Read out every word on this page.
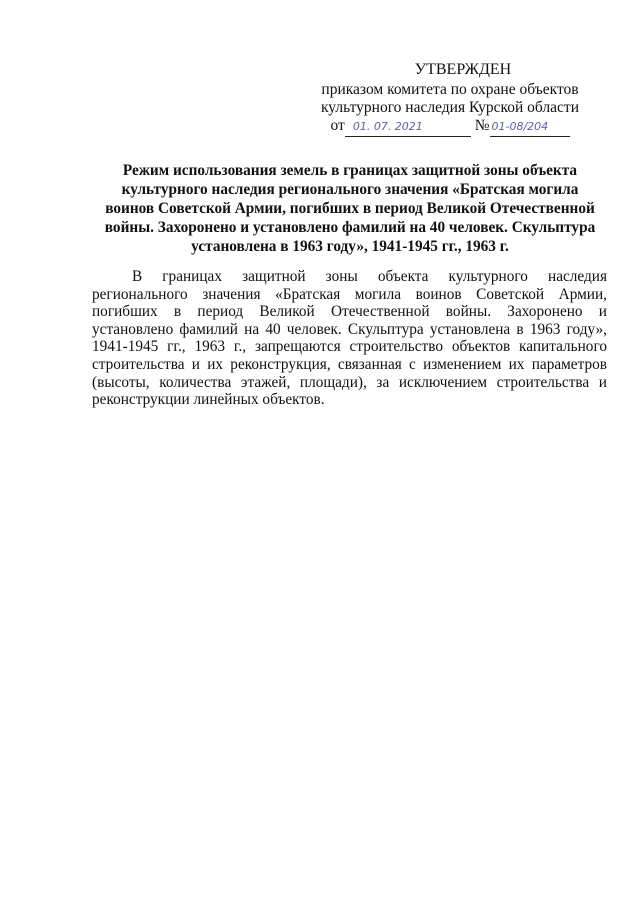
УТВЕРЖДЕН
приказом комитета по охране объектов
культурного наследия Курской области
от 01. 07. 2021	№ 01-08/204
Режим использования земель в границах защитной зоны объекта
культурного наследия регионального значения «Братская могила
воинов Советской Армии, погибших в период Великой Отечественной
войны. Захоронено и установлено фамилий на 40 человек. Скульптура
установлена в 1963 году», 1941-1945 гг., 1963 г.
В границах защитной зоны объекта культурного наследия
регионального значения «Братская могила воинов Советской Армии,
погибших в период Великой Отечественной войны. Захоронено и
установлено фамилий на 40 человек. Скульптура установлена в 1963 году»,
1941-1945 гг., 1963 г., запрещаются строительство объектов капитального
строительства и их реконструкция, связанная с изменением их параметров
(высоты, количества этажей, площади), за исключением строительства и
реконструкции линейных объектов.
